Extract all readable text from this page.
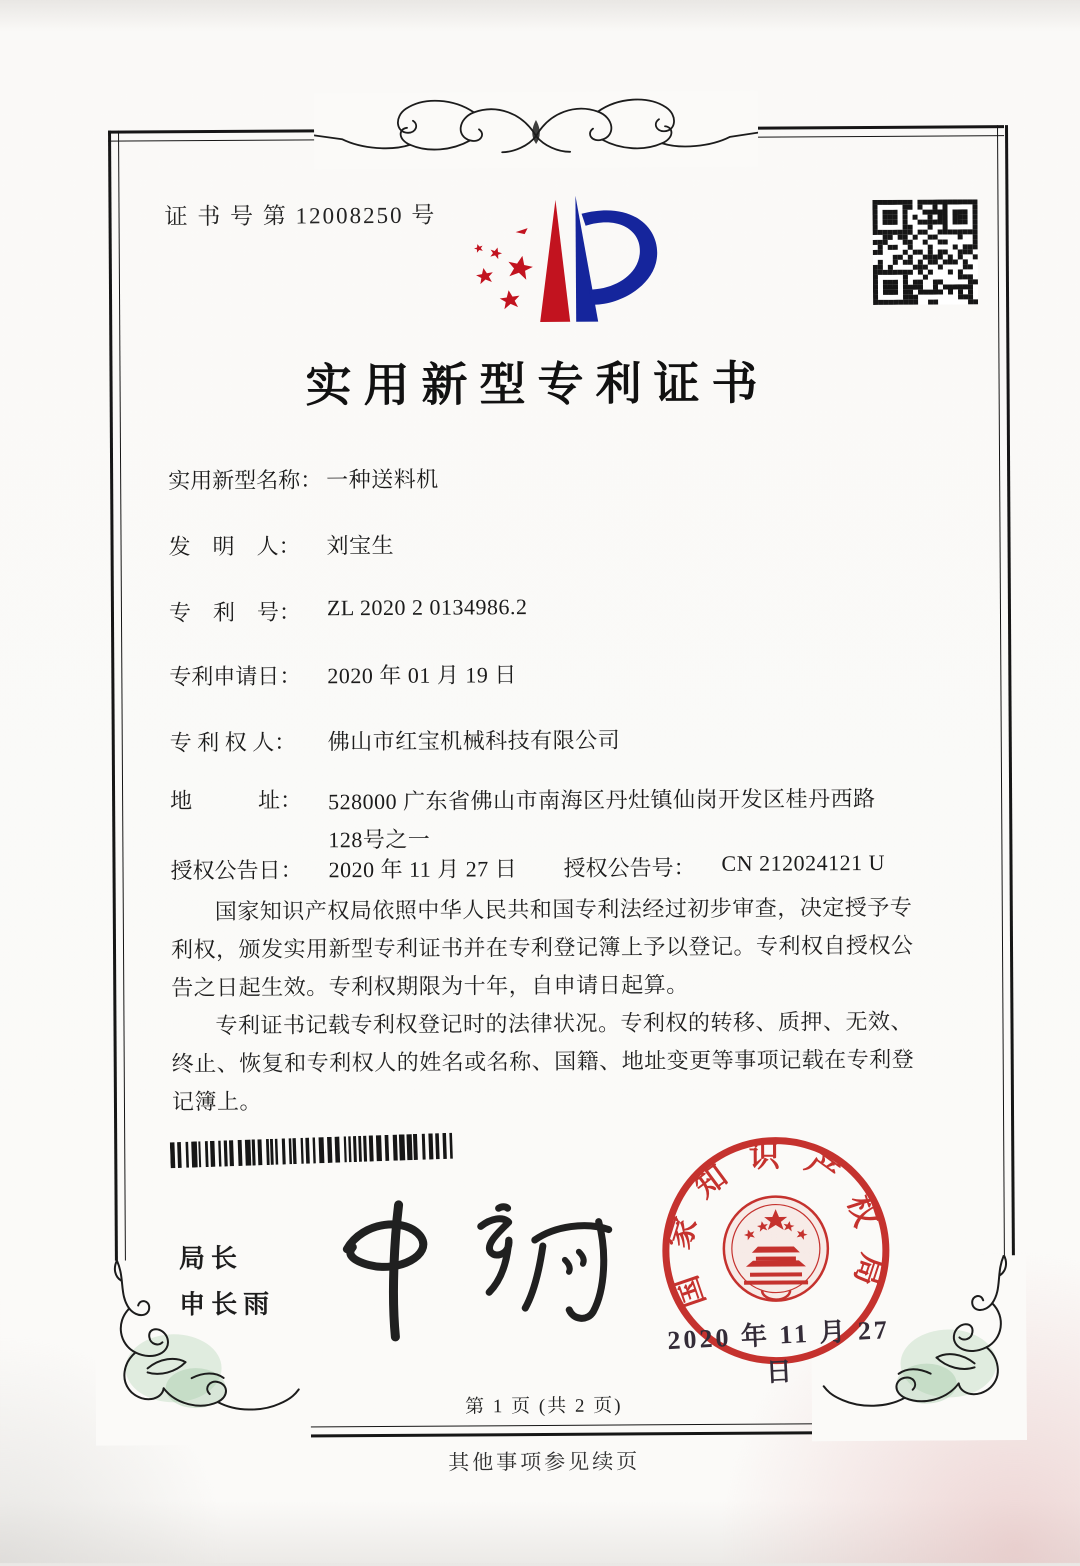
证 书 号 第 12008250 号
实用新型专利证书
实用新型名称： 一种送料机
发　明　人：	刘宝生
专　利　号：	ZL 2020 2 0134986.2
专利申请日：	2020 年 01 月 19 日
专 利 权 人：	佛山市红宝机械科技有限公司
地　　　址：	528000 广东省佛山市南海区丹灶镇仙岗开发区桂丹西路128号之一
授权公告日：	2020 年 11 月 27 日 授权公告号：	CN 212024121 U

国家知识产权局依照中华人民共和国专利法经过初步审查，决定授予专利权，颁发实用新型专利证书并在专利登记簿上予以登记。专利权自授权公告之日起生效。专利权期限为十年，自申请日起算。

专利证书记载专利权登记时的法律状况。专利权的转移、质押、无效、终止、恢复和专利权人的姓名或名称、国籍、地址变更等事项记载在专利登记簿上。

局长
申长雨	国家知识产权局
2020 年 11 月 27 日
第 1 页 (共 2 页)
其他事项参见续页
